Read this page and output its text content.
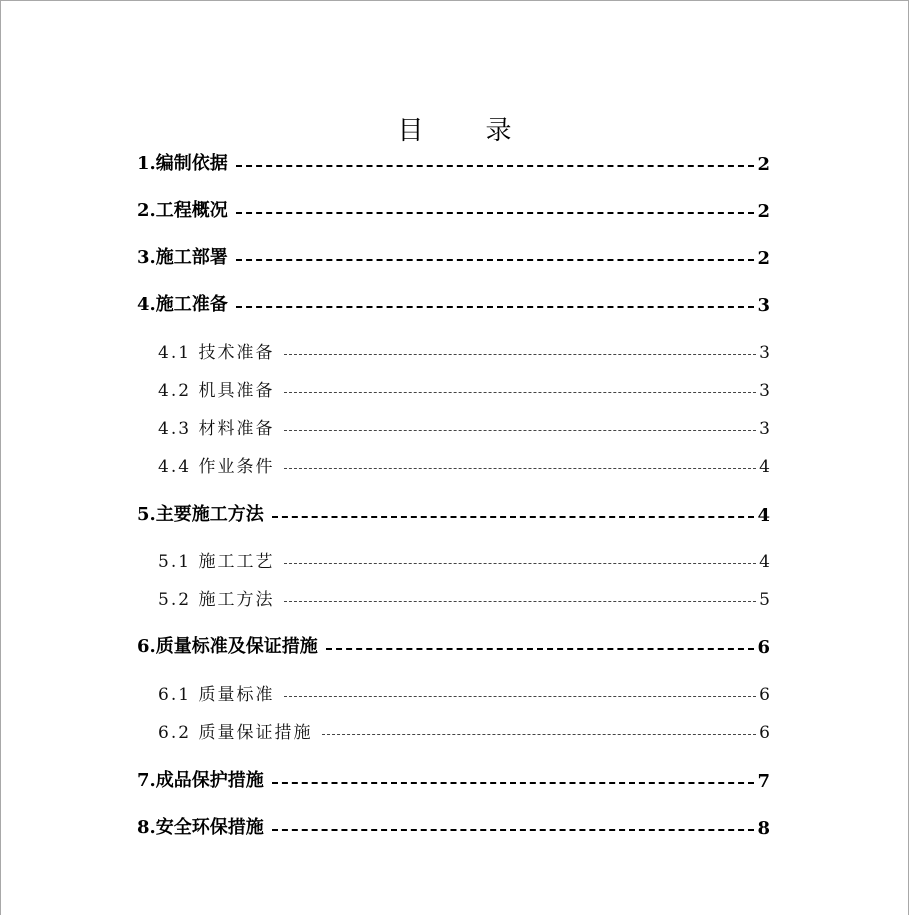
目录
1.编制依据	2
2.工程概况	2
3.施工部署	2
4.施工准备	3
4.1 技术准备	3
4.2 机具准备	3
4.3 材料准备	3
4.4 作业条件	4
5.主要施工方法	4
5.1 施工工艺	4
5.2 施工方法	5
6.质量标准及保证措施	6
6.1 质量标准	6
6.2 质量保证措施	6
7.成品保护措施	7
8.安全环保措施	8
